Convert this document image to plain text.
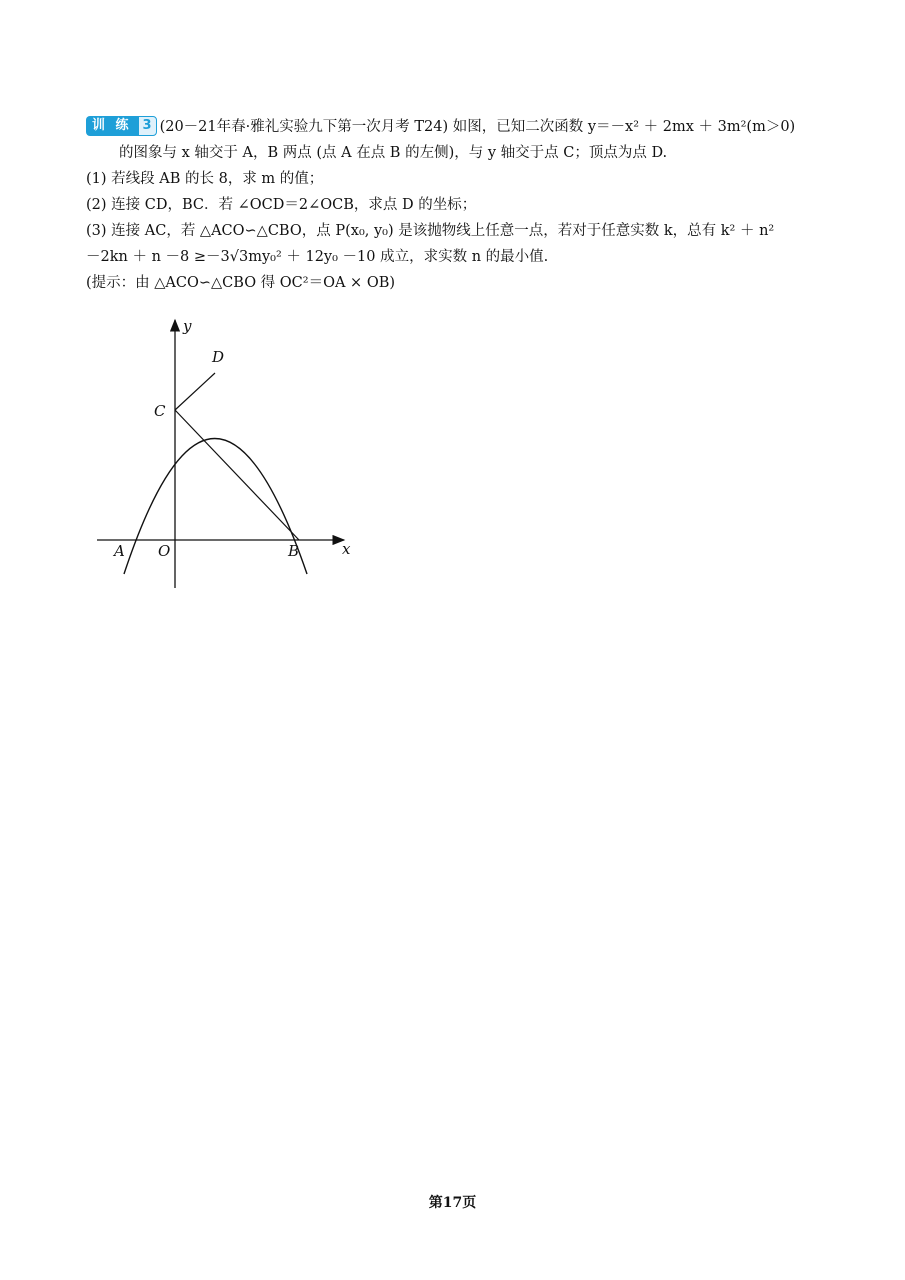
训 练 3 (20－21年春·雅礼实验九下第一次月考 T24) 如图，已知二次函数 y＝－x² ＋ 2mx ＋ 3m²(m＞0)
的图象与 x 轴交于 A，B 两点 (点 A 在点 B 的左侧)，与 y 轴交于点 C；顶点为点 D.
(1) 若线段 AB 的长 8，求 m 的值；
(2) 连接 CD，BC．若 ∠OCD＝2∠OCB，求点 D 的坐标；
(3) 连接 AC，若 △ACO∽△CBO，点 P(x₀, y₀) 是该抛物线上任意一点，若对于任意实数 k，总有 k² ＋ n²
－2kn ＋ n －8 ≥－3√3my₀² ＋ 12y₀ －10 成立，求实数 n 的最小值.
(提示：由 △ACO∽△CBO 得 OC²＝OA × OB)
y
x
O
A	B
C
D
第17页
